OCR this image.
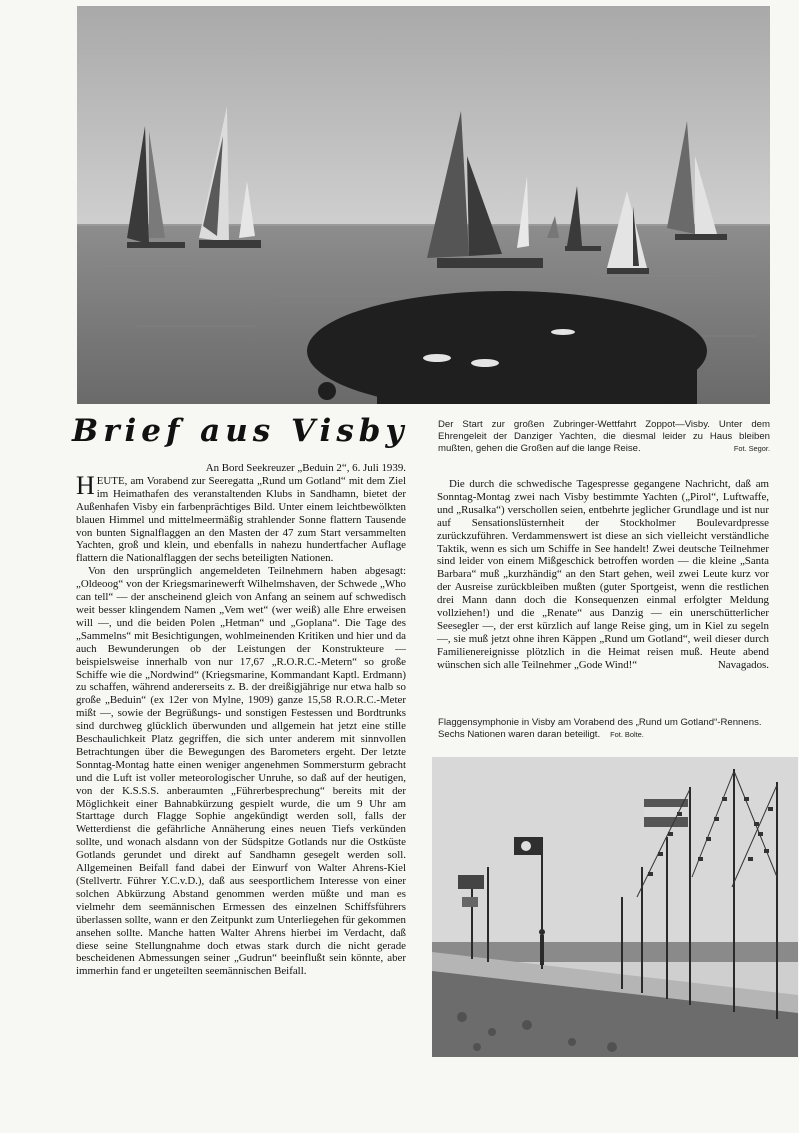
Brief aus Visby	Der Start zur großen Zubringer-Wettfahrt Zoppot—Visby. Unter dem Ehrengeleit der Danziger Yachten, die diesmal leider zu Haus bleiben mußten, gehen die Großen auf die lange Reise.	Fot. Segor.

An Bord Seekreuzer „Beduin 2“, 6. Juli 1939.

HEUTE, am Vorabend zur Seeregatta „Rund um Gotland“ mit dem Ziel im Heimathafen des veranstaltenden Klubs in Sandhamn, bietet der Außenhafen Visby ein farbenprächtiges Bild. Unter einem leichtbewölkten blauen Himmel und mittelmeermäßig strahlender Sonne flattern Tausende von bunten Signalflaggen an den Masten der 47 zum Start versammelten Yachten, groß und klein, und ebenfalls in nahezu hundertfacher Auflage flattern die Nationalflaggen der sechs beteiligten Nationen.

Von den ursprünglich angemeldeten Teilnehmern haben abgesagt: „Oldeoog“ von der Kriegsmarinewerft Wilhelmshaven, der Schwede „Who can tell“ — der anscheinend gleich von Anfang an seinem auf schwedisch weit besser klingendem Namen „Vem wet“ (wer weiß) alle Ehre erweisen will —, und die beiden Polen „Hetman“ und „Goplana“. Die Tage des „Sammelns“ mit Besichtigungen, wohlmeinenden Kritiken und hier und da auch Bewunderungen ob der Leistungen der Konstrukteure — beispielsweise innerhalb von nur 17,67 „R.O.R.C.-Metern“ so große Schiffe wie die „Nordwind“ (Kriegsmarine, Kommandant Kaptl. Erdmann) zu schaffen, während andererseits z. B. der dreißigjährige nur etwa halb so große „Beduin“ (ex 12er von Mylne, 1909) ganze 15,58 R.O.R.C.-Meter mißt —, sowie der Begrüßungs- und sonstigen Festessen und Bordtrunks sind durchweg glücklich überwunden und allgemein hat jetzt eine stille Beschaulichkeit Platz gegriffen, die sich unter anderem mit sinnvollen Betrachtungen über die Bewegungen des Barometers ergeht. Der letzte Sonntag-Montag hatte einen weniger angenehmen Sommersturm gebracht und die Luft ist voller meteorologischer Unruhe, so daß auf der heutigen, von der K.S.S.S. anberaumten „Führerbesprechung“ bereits mit der Möglichkeit einer Bahnabkürzung gespielt wurde, die um 9 Uhr am Starttage durch Flagge Sophie angekündigt werden soll, falls der Wetterdienst die gefährliche Annäherung eines neuen Tiefs verkünden sollte, und wonach alsdann von der Südspitze Gotlands nur die Ostküste Gotlands gerundet und direkt auf Sandhamn gesegelt werden soll. Allgemeinen Beifall fand dabei der Einwurf von Walter Ahrens-Kiel (Stellvertr. Führer Y.C.v.D.), daß aus seesportlichem Interesse von einer solchen Abkürzung Abstand genommen werden müßte und man es vielmehr dem seemännischen Ermessen des einzelnen Schiffsführers überlassen sollte, wann er den Zeitpunkt zum Unterliegehen für gekommen ansehen sollte. Manche hatten Walter Ahrens hierbei im Verdacht, daß diese seine Stellungnahme doch etwas stark durch die nicht gerade bescheidenen Abmessungen seiner „Gudrun“ beeinflußt sein könnte, aber immerhin fand er ungeteilten seemännischen Beifall.

Die durch die schwedische Tagespresse gegangene Nachricht, daß am Sonntag-Montag zwei nach Visby bestimmte Yachten („Pirol“, Luftwaffe, und „Rusalka“) verschollen seien, entbehrte jeglicher Grundlage und ist nur auf Sensationslüsternheit der Stockholmer Boulevardpresse zurückzuführen. Verdammenswert ist diese an sich vielleicht verständliche Taktik, wenn es sich um Schiffe in See handelt! Zwei deutsche Teilnehmer sind leider von einem Mißgeschick betroffen worden — die kleine „Santa Barbara“ muß „kurzhändig“ an den Start gehen, weil zwei Leute kurz vor der Ausreise zurückbleiben mußten (guter Sportgeist, wenn die restlichen drei Mann dann doch die Konsequenzen einmal erfolgter Meldung vollziehen!) und die „Renate“ aus Danzig — ein unerschütterlicher Seesegler —, der erst kürzlich auf lange Reise ging, um in Kiel zu segeln —, sie muß jetzt ohne ihren Käppen „Rund um Gotland“, weil dieser durch Familienereignisse plötzlich in die Heimat reisen muß. Heute abend wünschen sich alle Teilnehmer „Gode Wind!“	Navagados.

Flaggensymphonie in Visby am Vorabend des „Rund um Gotland“-Rennens. Sechs Nationen waren daran beteiligt. Fot. Bolte.
